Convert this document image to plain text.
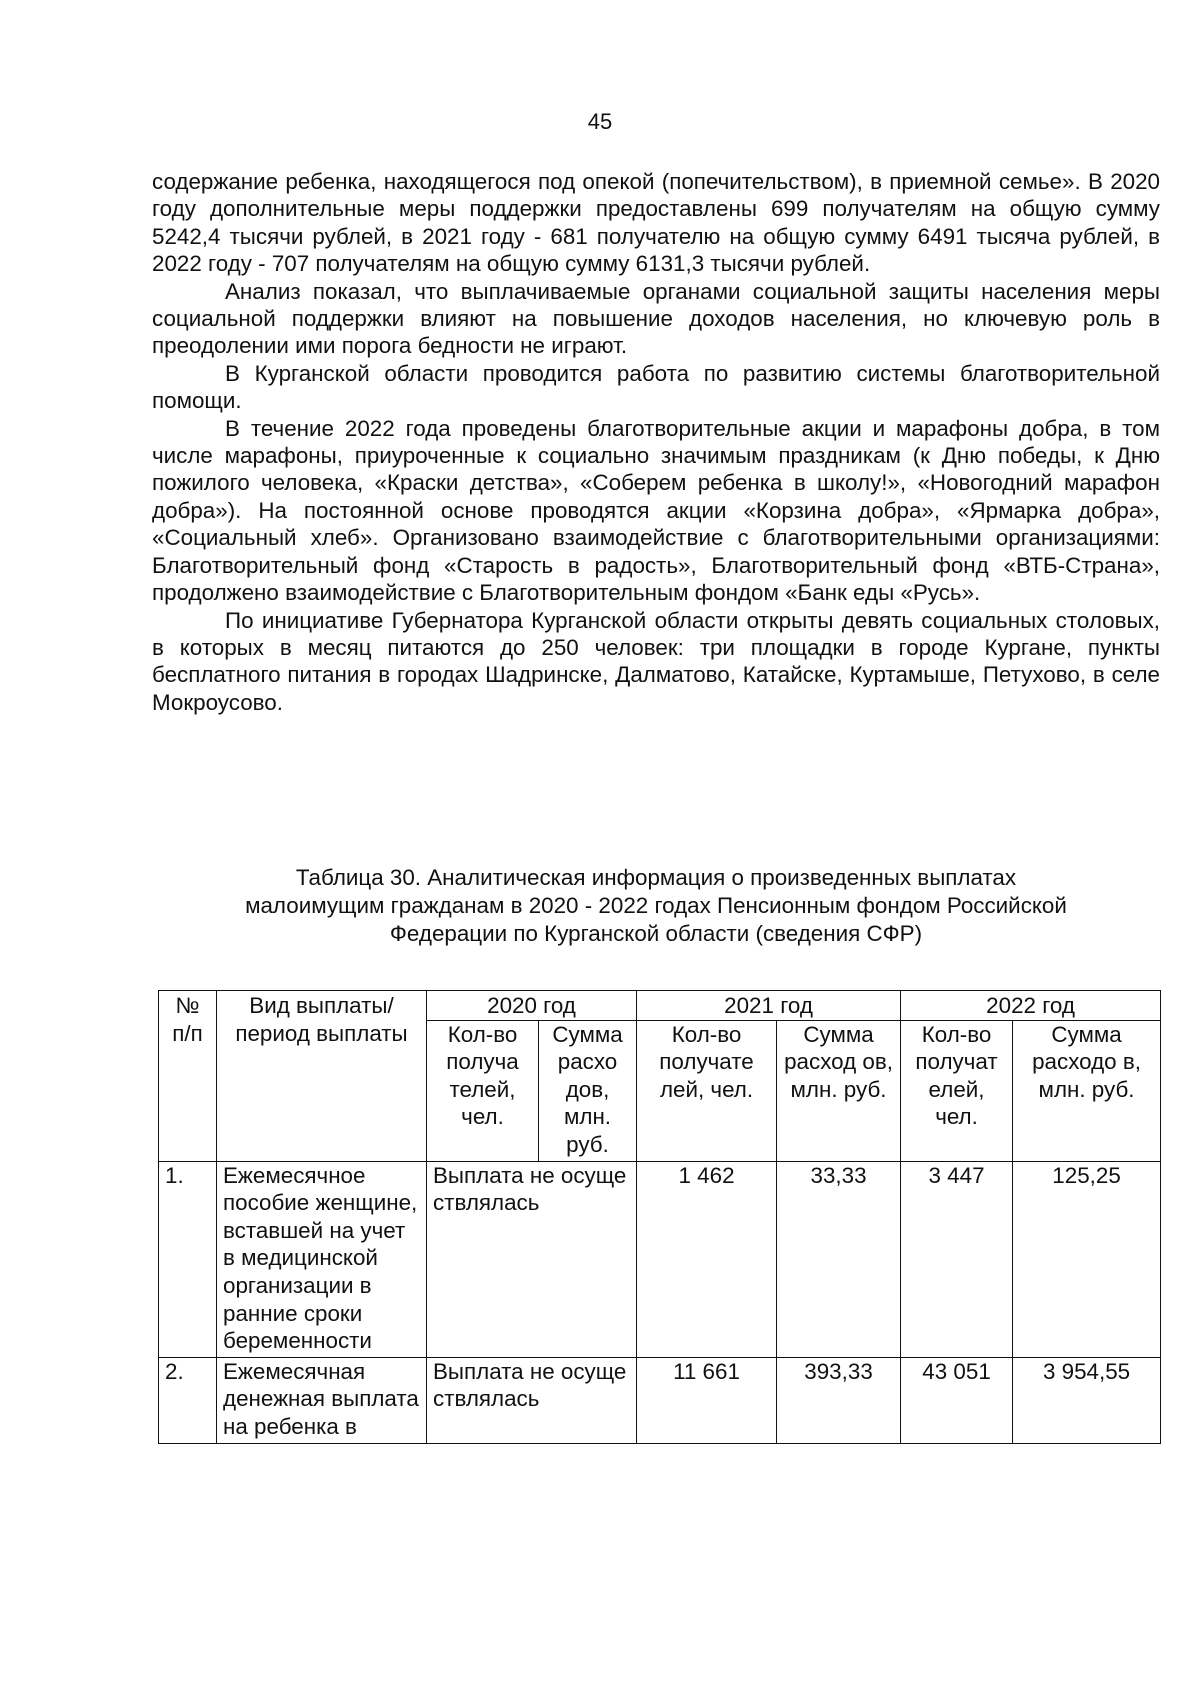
45

содержание ребенка, находящегося под опекой (попечительством), в приемной семье». В 2020 году дополнительные меры поддержки предоставлены 699 получателям на общую сумму 5242,4 тысячи рублей, в 2021 году - 681 получателю на общую сумму 6491 тысяча рублей, в 2022 году - 707 получателям на общую сумму 6131,3 тысячи рублей.

Анализ показал, что выплачиваемые органами социальной защиты населения меры социальной поддержки влияют на повышение доходов населения, но ключевую роль в преодолении ими порога бедности не играют.

В Курганской области проводится работа по развитию системы благотворительной помощи.

В течение 2022 года проведены благотворительные акции и марафоны добра, в том числе марафоны, приуроченные к социально значимым праздникам (к Дню победы, к Дню пожилого человека, «Краски детства», «Соберем ребенка в школу!», «Новогодний марафон добра»). На постоянной основе проводятся акции «Корзина добра», «Ярмарка добра», «Социальный хлеб». Организовано взаимодействие с благотворительными организациями: Благотворительный фонд «Старость в радость», Благотворительный фонд «ВТБ-Страна», продолжено взаимодействие с Благотворительным фондом «Банк еды «Русь».

По инициативе Губернатора Курганской области открыты девять социальных столовых, в которых в месяц питаются до 250 человек: три площадки в городе Кургане, пункты бесплатного питания в городах Шадринске, Далматово, Катайске, Куртамыше, Петухово, в селе Мокроусово.

Таблица 30. Аналитическая информация о произведенных выплатах
малоимущим гражданам в 2020 - 2022 годах Пенсионным фондом Российской
Федерации по Курганской области (сведения СФР)
№ п/п	Вид выплаты/ период выплаты	2020 год		2021 год		2022 год	
		Кол-во получа телей, чел.	Сумма расхо дов, млн. руб.	Кол-во получате лей, чел.	Сумма расход ов, млн. руб.	Кол-во получат елей, чел.	Сумма расходо в, млн. руб.
1.	Ежемесячное пособие женщине, вставшей на учет в медицинской организации в ранние сроки беременности	Выплата не осуществлялась		1 462	33,33	3 447	125,25
2.	Ежемесячная денежная выплата на ребенка в	Выплата не осуществлялась		11 661	393,33	43 051	3 954,55
